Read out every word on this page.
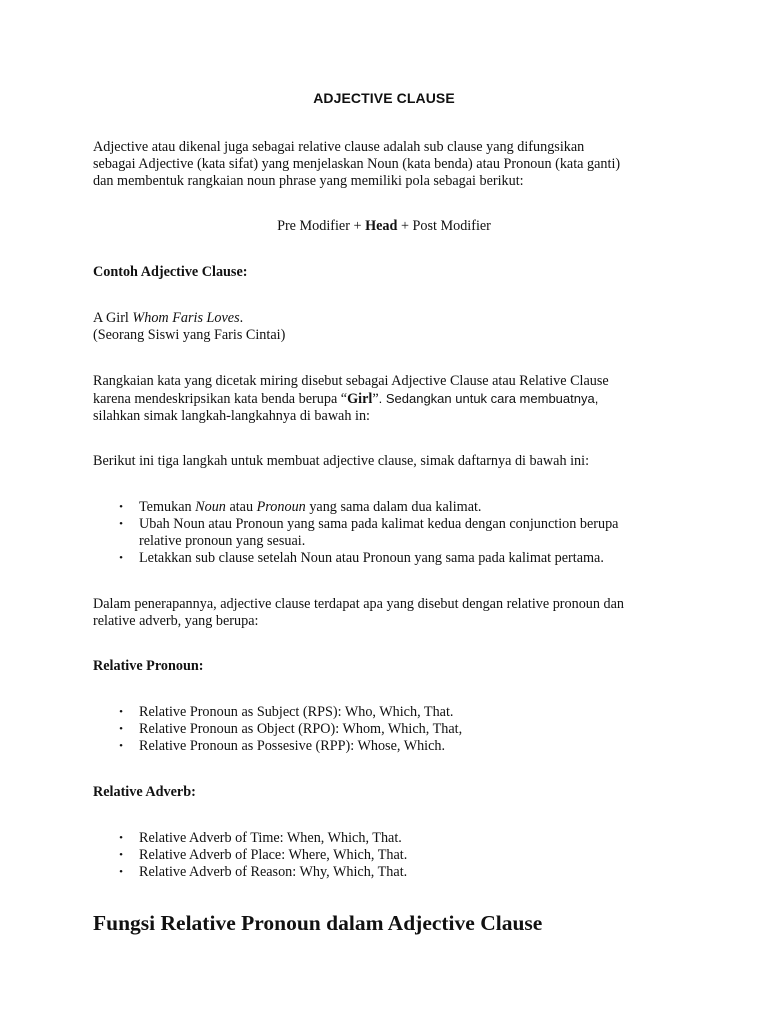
ADJECTIVE CLAUSE

Adjective atau dikenal juga sebagai relative clause adalah sub clause yang difungsikan
sebagai Adjective (kata sifat) yang menjelaskan Noun (kata benda) atau Pronoun (kata ganti)
dan membentuk rangkaian noun phrase yang memiliki pola sebagai berikut:

Pre Modifier + Head + Post Modifier

Contoh Adjective Clause:

A Girl Whom Faris Loves.
(Seorang Siswi yang Faris Cintai)

Rangkaian kata yang dicetak miring disebut sebagai Adjective Clause atau Relative Clause
karena mendeskripsikan kata benda berupa “Girl”. Sedangkan untuk cara membuatnya,
silahkan simak langkah-langkahnya di bawah in:

Berikut ini tiga langkah untuk membuat adjective clause, simak daftarnya di bawah ini:

• Temukan Noun atau Pronoun yang sama dalam dua kalimat.
• Ubah Noun atau Pronoun yang sama pada kalimat kedua dengan conjunction berupa
relative pronoun yang sesuai.
• Letakkan sub clause setelah Noun atau Pronoun yang sama pada kalimat pertama.

Dalam penerapannya, adjective clause terdapat apa yang disebut dengan relative pronoun dan
relative adverb, yang berupa:

Relative Pronoun:

• Relative Pronoun as Subject (RPS): Who, Which, That.
• Relative Pronoun as Object (RPO): Whom, Which, That,
• Relative Pronoun as Possesive (RPP): Whose, Which.

Relative Adverb:

• Relative Adverb of Time: When, Which, That.
• Relative Adverb of Place: Where, Which, That.
• Relative Adverb of Reason: Why, Which, That.
Fungsi Relative Pronoun dalam Adjective Clause
